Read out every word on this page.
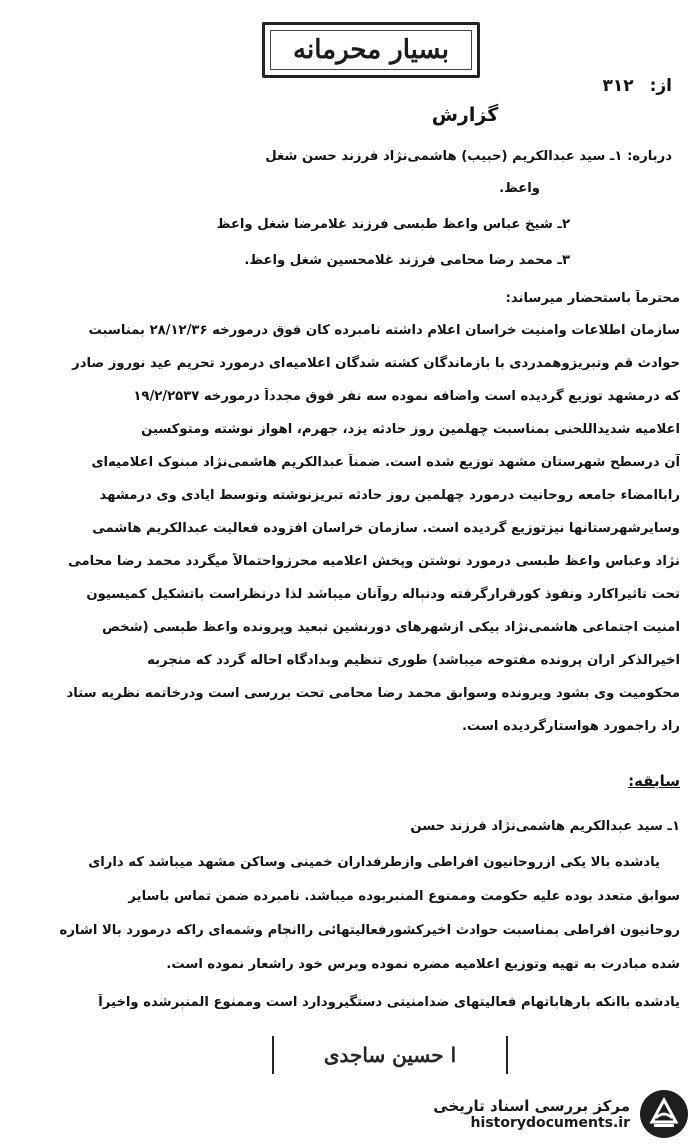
بسیار محرمانه
از: ۳۱۲
گزارش
درباره: ۱ـ سید عبدالکریم (حبیب) هاشمی‌نژاد فرزند حسن شغل
واعظ.
۲ـ شیخ عباس واعظ طبسی فرزند غلامرضا شغل واعظ
۳ـ محمد رضا محامی فرزند غلامحسین شغل واعظ.
محترماً باستحضار میرساند:
سازمان اطلاعات وامنیت خراسان اعلام داشته نامبرده کان فوق درمورخه ۲۸/۱۲/۳۶ بمناسبت
حوادث قم وتبریزوهمدردی با بازماندگان کشته شدگان اعلامیه‌ای درمورد تحریم عید نوروز صادر
که درمشهد توزیع گردیده است واضافه نموده سه نفر فوق مجدداً درمورخه ۱۹/۲/۲۵۳۷
اعلامیه شدیداللحنی بمناسبت چهلمین روز حادثه یزد، جهرم، اهواز نوشته ومتوکسین
آن درسطح شهرستان مشهد توزیع شده است. ضمناً عبدالکریم هاشمی‌نژاد مبنوک اعلامیه‌ای
راباامضاء جامعه روحانیت درمورد چهلمین روز حادثه تبریزنوشته وتوسط ایادی وی درمشهد
وسایرشهرستانها نیزتوزیع گردیده است. سازمان خراسان افزوده فعالیت عبدالکریم هاشمی‌
نژاد وعباس واعظ طبسی درمورد نوشتن وپخش اعلامیه محرزواحتمالاً میگردد محمد رضا محامی
تحت تاثیراکارد ونفوذ کورقرارگرفته ودنباله روآنان میباشد لذا درنظراست باتشکیل کمیسیون
امنیت اجتماعی هاشمی‌نژاد بیکی ازشهرهای دورنشین تبعید وپرونده واعظ طبسی (شخص
اخیرالذکر اران پرونده مفتوحه میباشد) طوری تنظیم وبدادگاه احاله گردد که منجربه
محکومیت وی بشود ویرونده وسوابق محمد رضا محامی تحت بررسی است ودرخاتمه نظریه ستاد
راد راجمورد هواستارگردیده است.
سابقه:
۱ـ سید عبدالکریم هاشمی‌نژاد فرزند حسن
یادشده بالا یکی ازروحانیون افراطی وازطرفداران خمینی وساکن مشهد میباشد که دارای
سوابق متعدد بوده علیه حکومت وممنوع المنبربوده میباشد. نامبرده ضمن تماس باسایر
روحانیون افراطی بمناسبت حوادث اخیرکشورفعالیتهائی راانجام وشمه‌ای راکه درمورد بالا اشاره
شده مبادرت به تهیه وتوزیع اعلامیه مضره نموده وبرس خود راشعار نموده است.
یادشده باانکه بارهاباتهام فعالیتهای ضدامنیتی دستگیرودارد است وممنوع المنبرشده واخیراً
ا حسین ساجدی
مرکز بررسی اسناد تاریخی
historydocuments.ir
